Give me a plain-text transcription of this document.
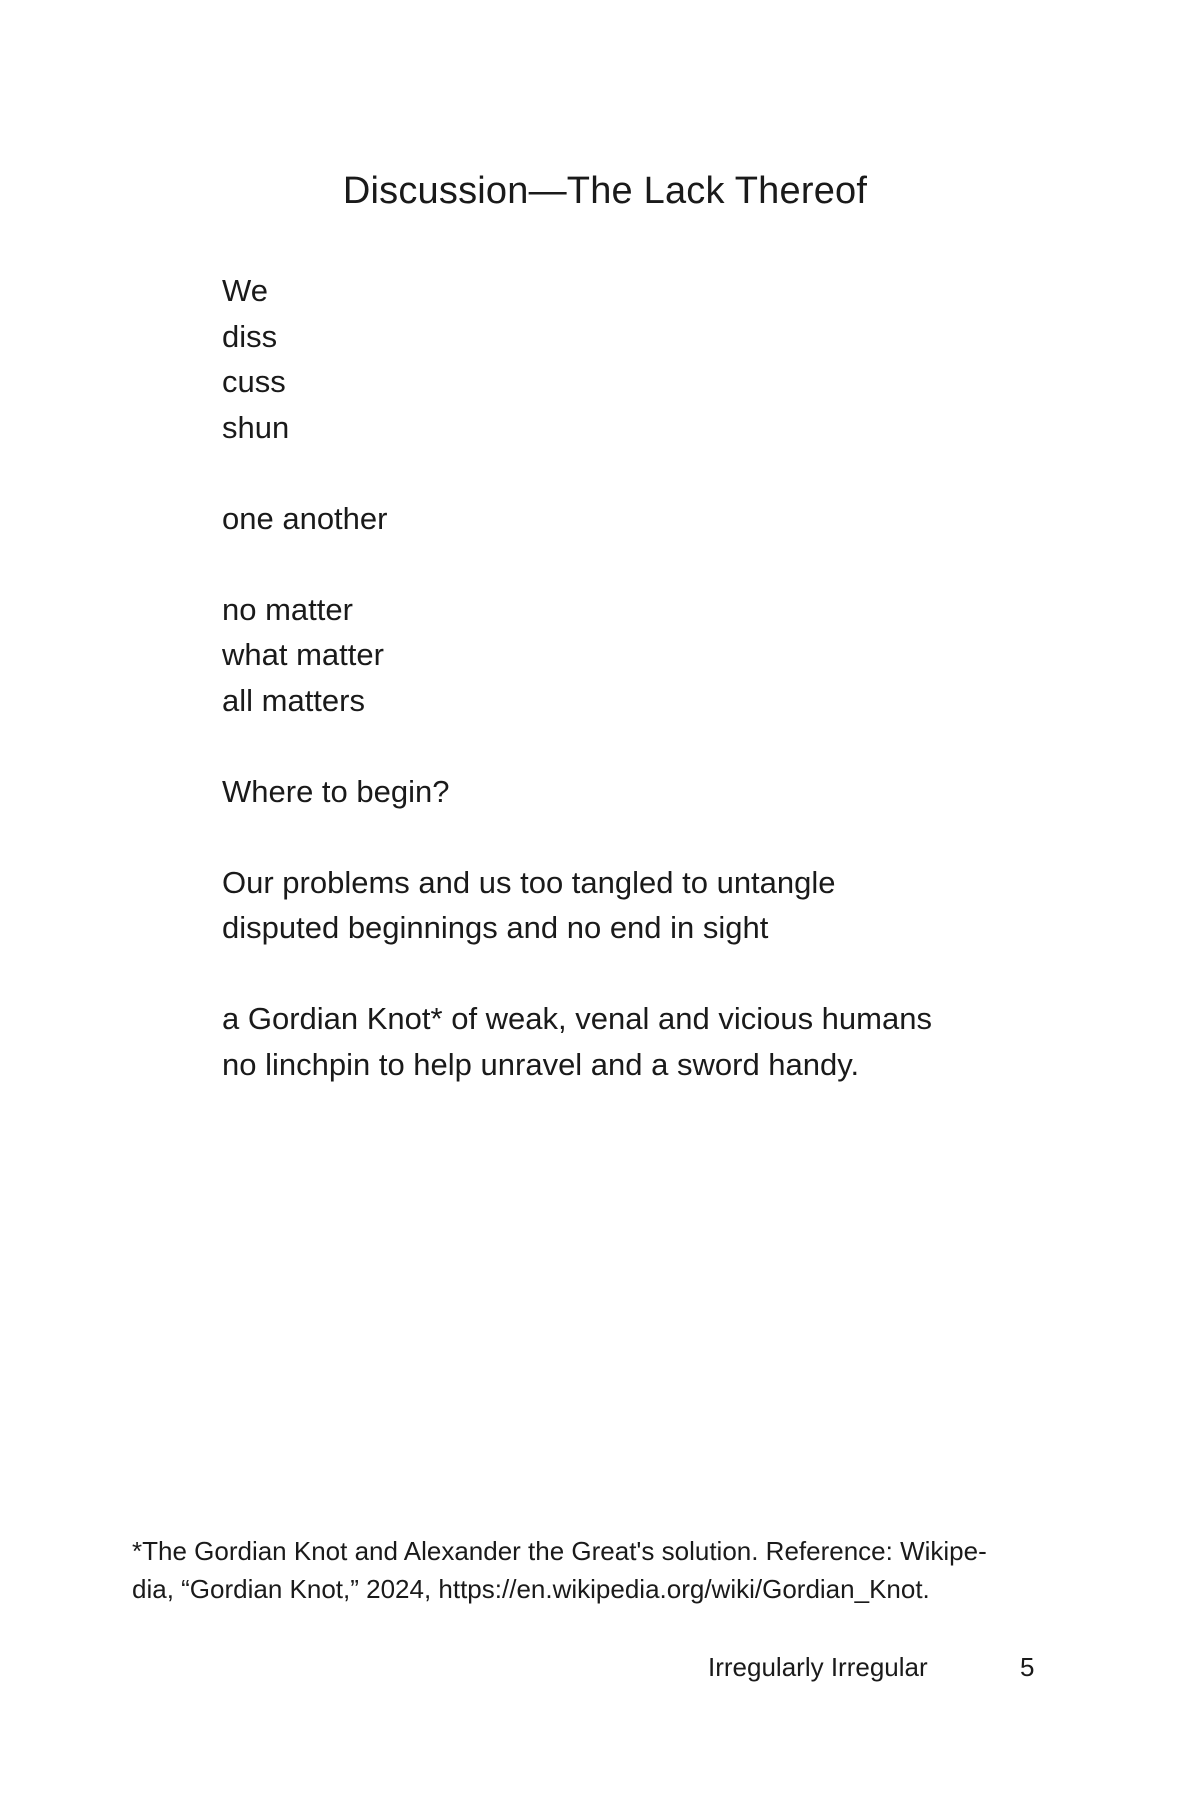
Discussion—The Lack Thereof
We
diss
cuss
shun
one another
no matter
what matter
all matters
Where to begin?
Our problems and us too tangled to untangle
disputed beginnings and no end in sight
a Gordian Knot* of weak, venal and vicious humans
no linchpin to help unravel and a sword handy.
*The Gordian Knot and Alexander the Great's solution. Reference: Wikipe-
dia, “Gordian Knot,” 2024, https://en.wikipedia.org/wiki/Gordian_Knot.
Irregularly Irregular	5
